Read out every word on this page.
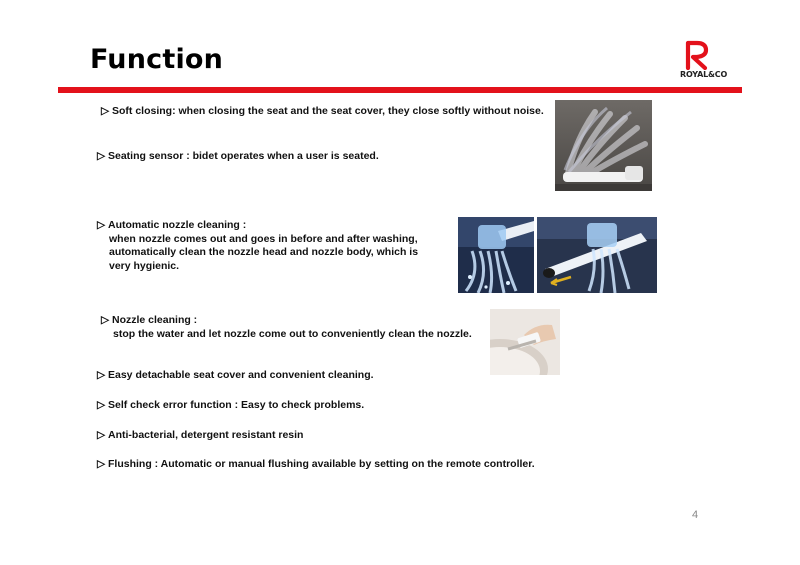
Function	ROYAL&CO
▷ Soft closing: when closing the seat and the seat cover, they close softly without noise.
▷ Seating sensor : bidet operates when a user is seated.
▷ Automatic nozzle cleaning :
when nozzle comes out and goes in before and after washing,
automatically clean the nozzle head and nozzle body, which is
very hygienic.
▷ Nozzle cleaning :
stop the water and let nozzle come out to conveniently clean the nozzle.
▷ Easy detachable seat cover and convenient cleaning.
▷ Self check error function : Easy to check problems.
▷ Anti-bacterial, detergent resistant resin
▷ Flushing : Automatic or manual flushing available by setting on the remote controller.
4
